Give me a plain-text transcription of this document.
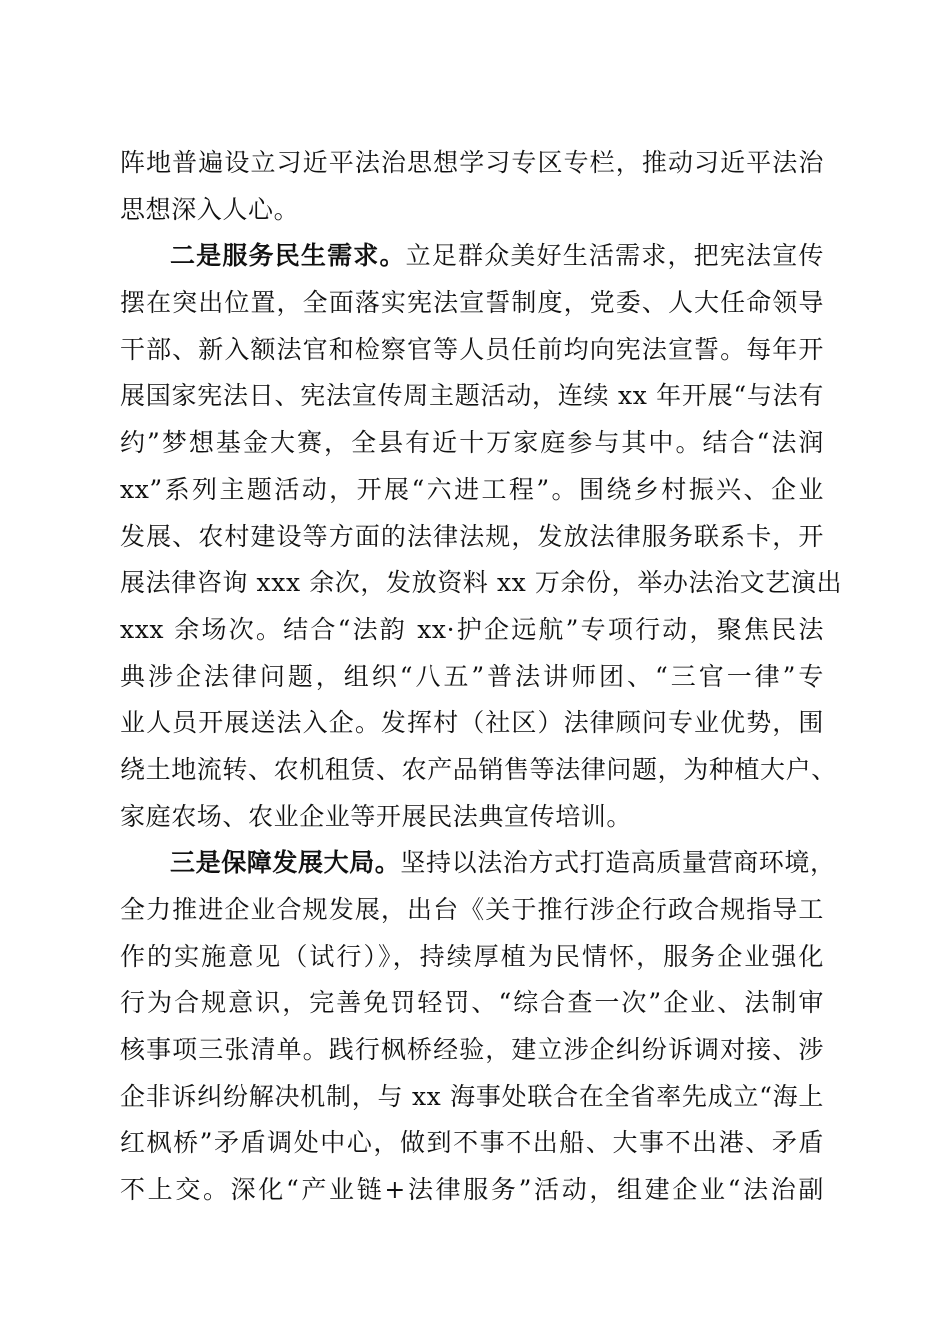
阵地普遍设立习近平法治思想学习专区专栏，推动习近平法治
思想深入人心。
二是服务民生需求。立足群众美好生活需求，把宪法宣传
摆在突出位置，全面落实宪法宣誓制度，党委、人大任命领导
干部、新入额法官和检察官等人员任前均向宪法宣誓。每年开
展国家宪法日、宪法宣传周主题活动，连续 xx 年开展“与法有
约”梦想基金大赛，全县有近十万家庭参与其中。结合“法润
xx”系列主题活动，开展“六进工程”。围绕乡村振兴、企业
发展、农村建设等方面的法律法规，发放法律服务联系卡，开
展法律咨询 xxx 余次，发放资料 xx 万余份，举办法治文艺演出
xxx 余场次。结合“法韵 xx·护企远航”专项行动，聚焦民法
典涉企法律问题，组织“八五”普法讲师团、“三官一律”专
业人员开展送法入企。发挥村（社区）法律顾问专业优势，围
绕土地流转、农机租赁、农产品销售等法律问题，为种植大户、
家庭农场、农业企业等开展民法典宣传培训。
三是保障发展大局。坚持以法治方式打造高质量营商环境，
全力推进企业合规发展，出台《关于推行涉企行政合规指导工
作的实施意见（试行）》，持续厚植为民情怀，服务企业强化
行为合规意识，完善免罚轻罚、“综合查一次”企业、法制审
核事项三张清单。践行枫桥经验，建立涉企纠纷诉调对接、涉
企非诉纠纷解决机制，与 xx 海事处联合在全省率先成立“海上
红枫桥”矛盾调处中心，做到不事不出船、大事不出港、矛盾
不上交。深化“产业链+法律服务”活动，组建企业“法治副
